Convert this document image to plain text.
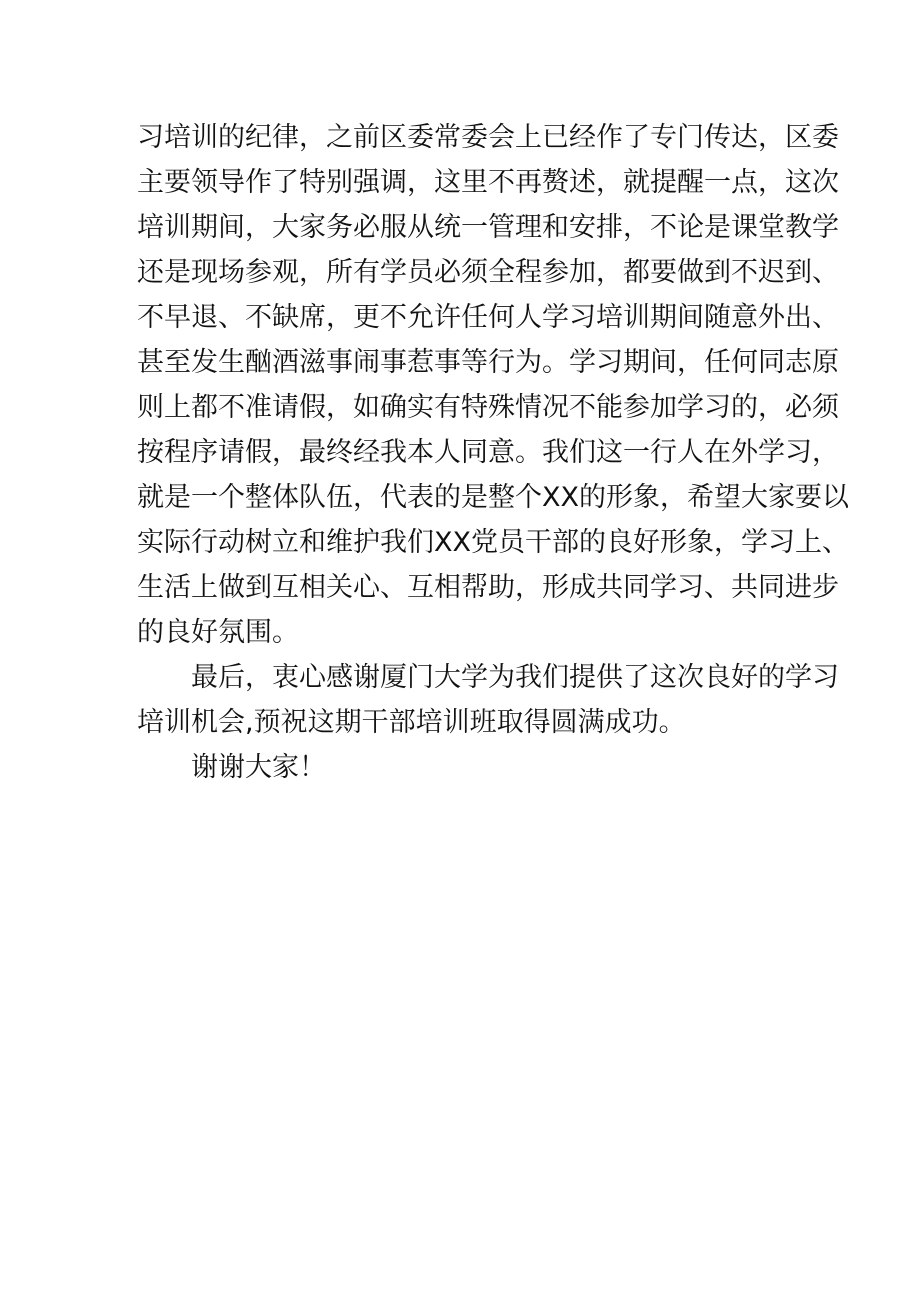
习培训的纪律，之前区委常委会上已经作了专门传达，区委
主要领导作了特别强调，这里不再赘述，就提醒一点，这次
培训期间，大家务必服从统一管理和安排，不论是课堂教学
还是现场参观，所有学员必须全程参加，都要做到不迟到、
不早退、不缺席，更不允许任何人学习培训期间随意外出、
甚至发生酗酒滋事闹事惹事等行为。学习期间，任何同志原
则上都不准请假，如确实有特殊情况不能参加学习的，必须
按程序请假，最终经我本人同意。我们这一行人在外学习，
就是一个整体队伍，代表的是整个XX的形象，希望大家要以
实际行动树立和维护我们XX党员干部的良好形象，学习上、
生活上做到互相关心、互相帮助，形成共同学习、共同进步
的良好氛围。
最后，衷心感谢厦门大学为我们提供了这次良好的学习
培训机会,预祝这期干部培训班取得圆满成功。
谢谢大家！
